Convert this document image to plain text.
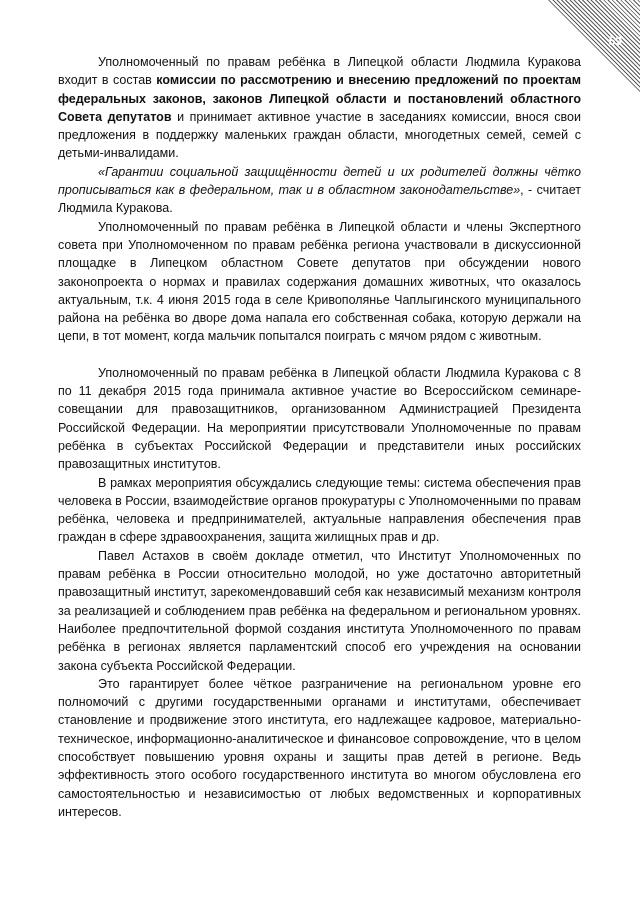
59

Уполномоченный по правам ребёнка в Липецкой области Людмила Куракова входит в состав комиссии по рассмотрению и внесению предложений по проектам федеральных законов, законов Липецкой области и постановлений областного Совета депутатов и принимает активное участие в заседаниях комиссии, внося свои предложения в поддержку маленьких граждан области, многодетных семей, семей с детьми-инвалидами.

«Гарантии социальной защищённости детей и их родителей должны чётко прописываться как в федеральном, так и в областном законодательстве», - считает Людмила Куракова.

Уполномоченный по правам ребёнка в Липецкой области и члены Экспертного совета при Уполномоченном по правам ребёнка региона участвовали в дискуссионной площадке в Липецком областном Совете депутатов при обсуждении нового законопроекта о нормах и правилах содержания домашних животных, что оказалось актуальным, т.к. 4 июня 2015 года в селе Кривополянье Чаплыгинского муниципального района на ребёнка во дворе дома напала его собственная собака, которую держали на цепи, в тот момент, когда мальчик попытался поиграть с мячом рядом с животным.

Уполномоченный по правам ребёнка в Липецкой области Людмила Куракова с 8 по 11 декабря 2015 года принимала активное участие во Всероссийском семинаре-совещании для правозащитников, организованном Администрацией Президента Российской Федерации. На мероприятии присутствовали Уполномоченные по правам ребёнка в субъектах Российской Федерации и представители иных российских правозащитных институтов.

В рамках мероприятия обсуждались следующие темы: система обеспечения прав человека в России, взаимодействие органов прокуратуры с Уполномоченными по правам ребёнка, человека и предпринимателей, актуальные направления обеспечения прав граждан в сфере здравоохранения, защита жилищных прав и др.

Павел Астахов в своём докладе отметил, что Институт Уполномоченных по правам ребёнка в России относительно молодой, но уже достаточно авторитетный правозащитный институт, зарекомендовавший себя как независимый механизм контроля за реализацией и соблюдением прав ребёнка на федеральном и региональном уровнях. Наиболее предпочтительной формой создания института Уполномоченного по правам ребёнка в регионах является парламентский способ его учреждения на основании закона субъекта Российской Федерации.

Это гарантирует более чёткое разграничение на региональном уровне его полномочий с другими государственными органами и институтами, обеспечивает становление и продвижение этого института, его надлежащее кадровое, материально-техническое, информационно-аналитическое и финансовое сопровождение, что в целом способствует повышению уровня охраны и защиты прав детей в регионе. Ведь эффективность этого особого государственного института во многом обусловлена его самостоятельностью и независимостью от любых ведомственных и корпоративных интересов.
